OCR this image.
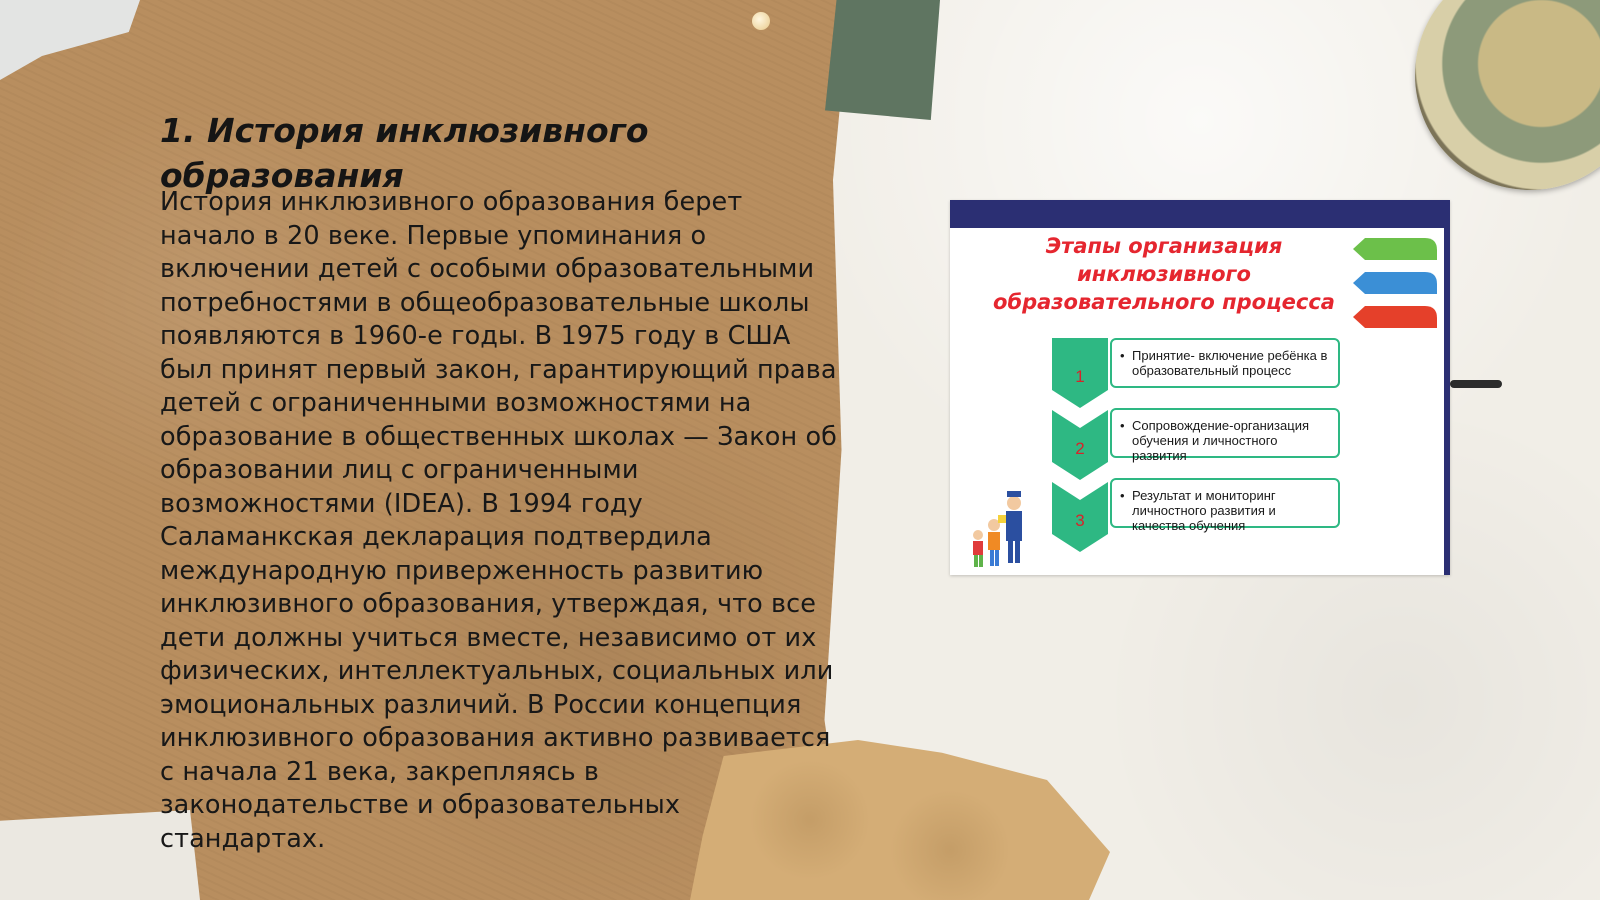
1. История инклюзивного образования

История инклюзивного образования берет начало в 20 веке. Первые упоминания о включении детей с особыми образовательными потребностями в общеобразовательные школы появляются в 1960-е годы. В 1975 году в США был принят первый закон, гарантирующий права детей с ограниченными возможностями на образование в общественных школах — Закон об образовании лиц с ограниченными возможностями (IDEA). В 1994 году Саламанкская декларация подтвердила международную приверженность развитию инклюзивного образования, утверждая, что все дети должны учиться вместе, независимо от их физических, интеллектуальных, социальных или эмоциональных различий. В России концепция инклюзивного образования активно развивается с начала 21 века, закрепляясь в законодательстве и образовательных стандартах.

Этапы организация
инклюзивного
образовательного процесса
1
2
3
• Принятие- включение ребёнка в образовательный процесс
• Сопровождение-организация обучения и личностного развития
• Результат и мониторинг личностного развития и качества обучения
